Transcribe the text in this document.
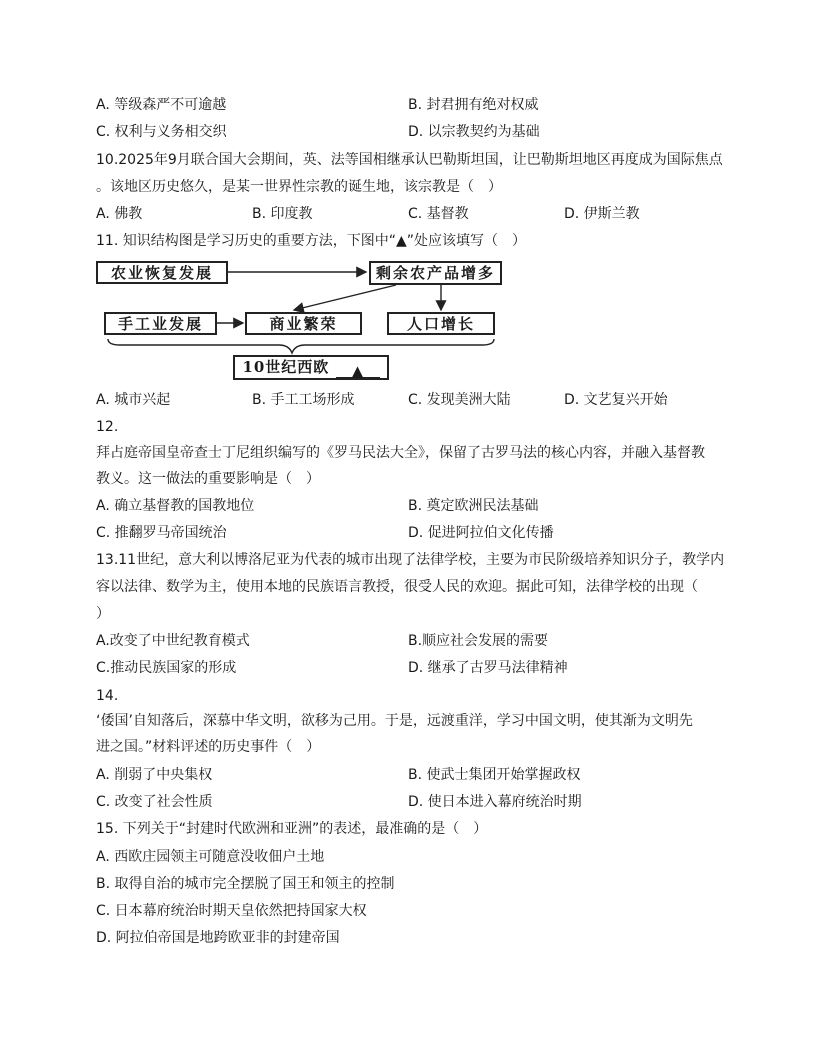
A. 等级森严不可逾越	B. 封君拥有绝对权威
C. 权利与义务相交织	D. 以宗教契约为基础
10.2025年9月联合国大会期间，英、法等国相继承认巴勒斯坦国，让巴勒斯坦地区再度成为国际焦点
。该地区历史悠久，是某一世界性宗教的诞生地，该宗教是（　）
A. 佛教	B. 印度教	C. 基督教	D. 伊斯兰教
11. 知识结构图是学习历史的重要方法，下图中“▲”处应该填写（　）
农业恢复发展	剩余农产品增多
手工业发展	商业繁荣	人口增长
10世纪西欧 ▲
A. 城市兴起	B. 手工工场形成	C. 发现美洲大陆	D. 文艺复兴开始
12.
拜占庭帝国皇帝查士丁尼组织编写的《罗马民法大全》，保留了古罗马法的核心内容，并融入基督教
教义。这一做法的重要影响是（　）
A. 确立基督教的国教地位	B. 奠定欧洲民法基础
C. 推翻罗马帝国统治	D. 促进阿拉伯文化传播
13.11世纪，意大利以博洛尼亚为代表的城市出现了法律学校，主要为市民阶级培养知识分子，教学内
容以法律、数学为主，使用本地的民族语言教授，很受人民的欢迎。据此可知，法律学校的出现（
）
A.改变了中世纪教育模式	B.顺应社会发展的需要
C.推动民族国家的形成	D. 继承了古罗马法律精神
14.
‘倭国’自知落后，深慕中华文明，欲移为己用。于是，远渡重洋，学习中国文明，使其渐为文明先
进之国。”材料评述的历史事件（　）
A. 削弱了中央集权	B. 使武士集团开始掌握政权
C. 改变了社会性质	D. 使日本进入幕府统治时期
15. 下列关于“封建时代欧洲和亚洲”的表述，最准确的是（　）
A. 西欧庄园领主可随意没收佃户土地
B. 取得自治的城市完全摆脱了国王和领主的控制
C. 日本幕府统治时期天皇依然把持国家大权
D. 阿拉伯帝国是地跨欧亚非的封建帝国
